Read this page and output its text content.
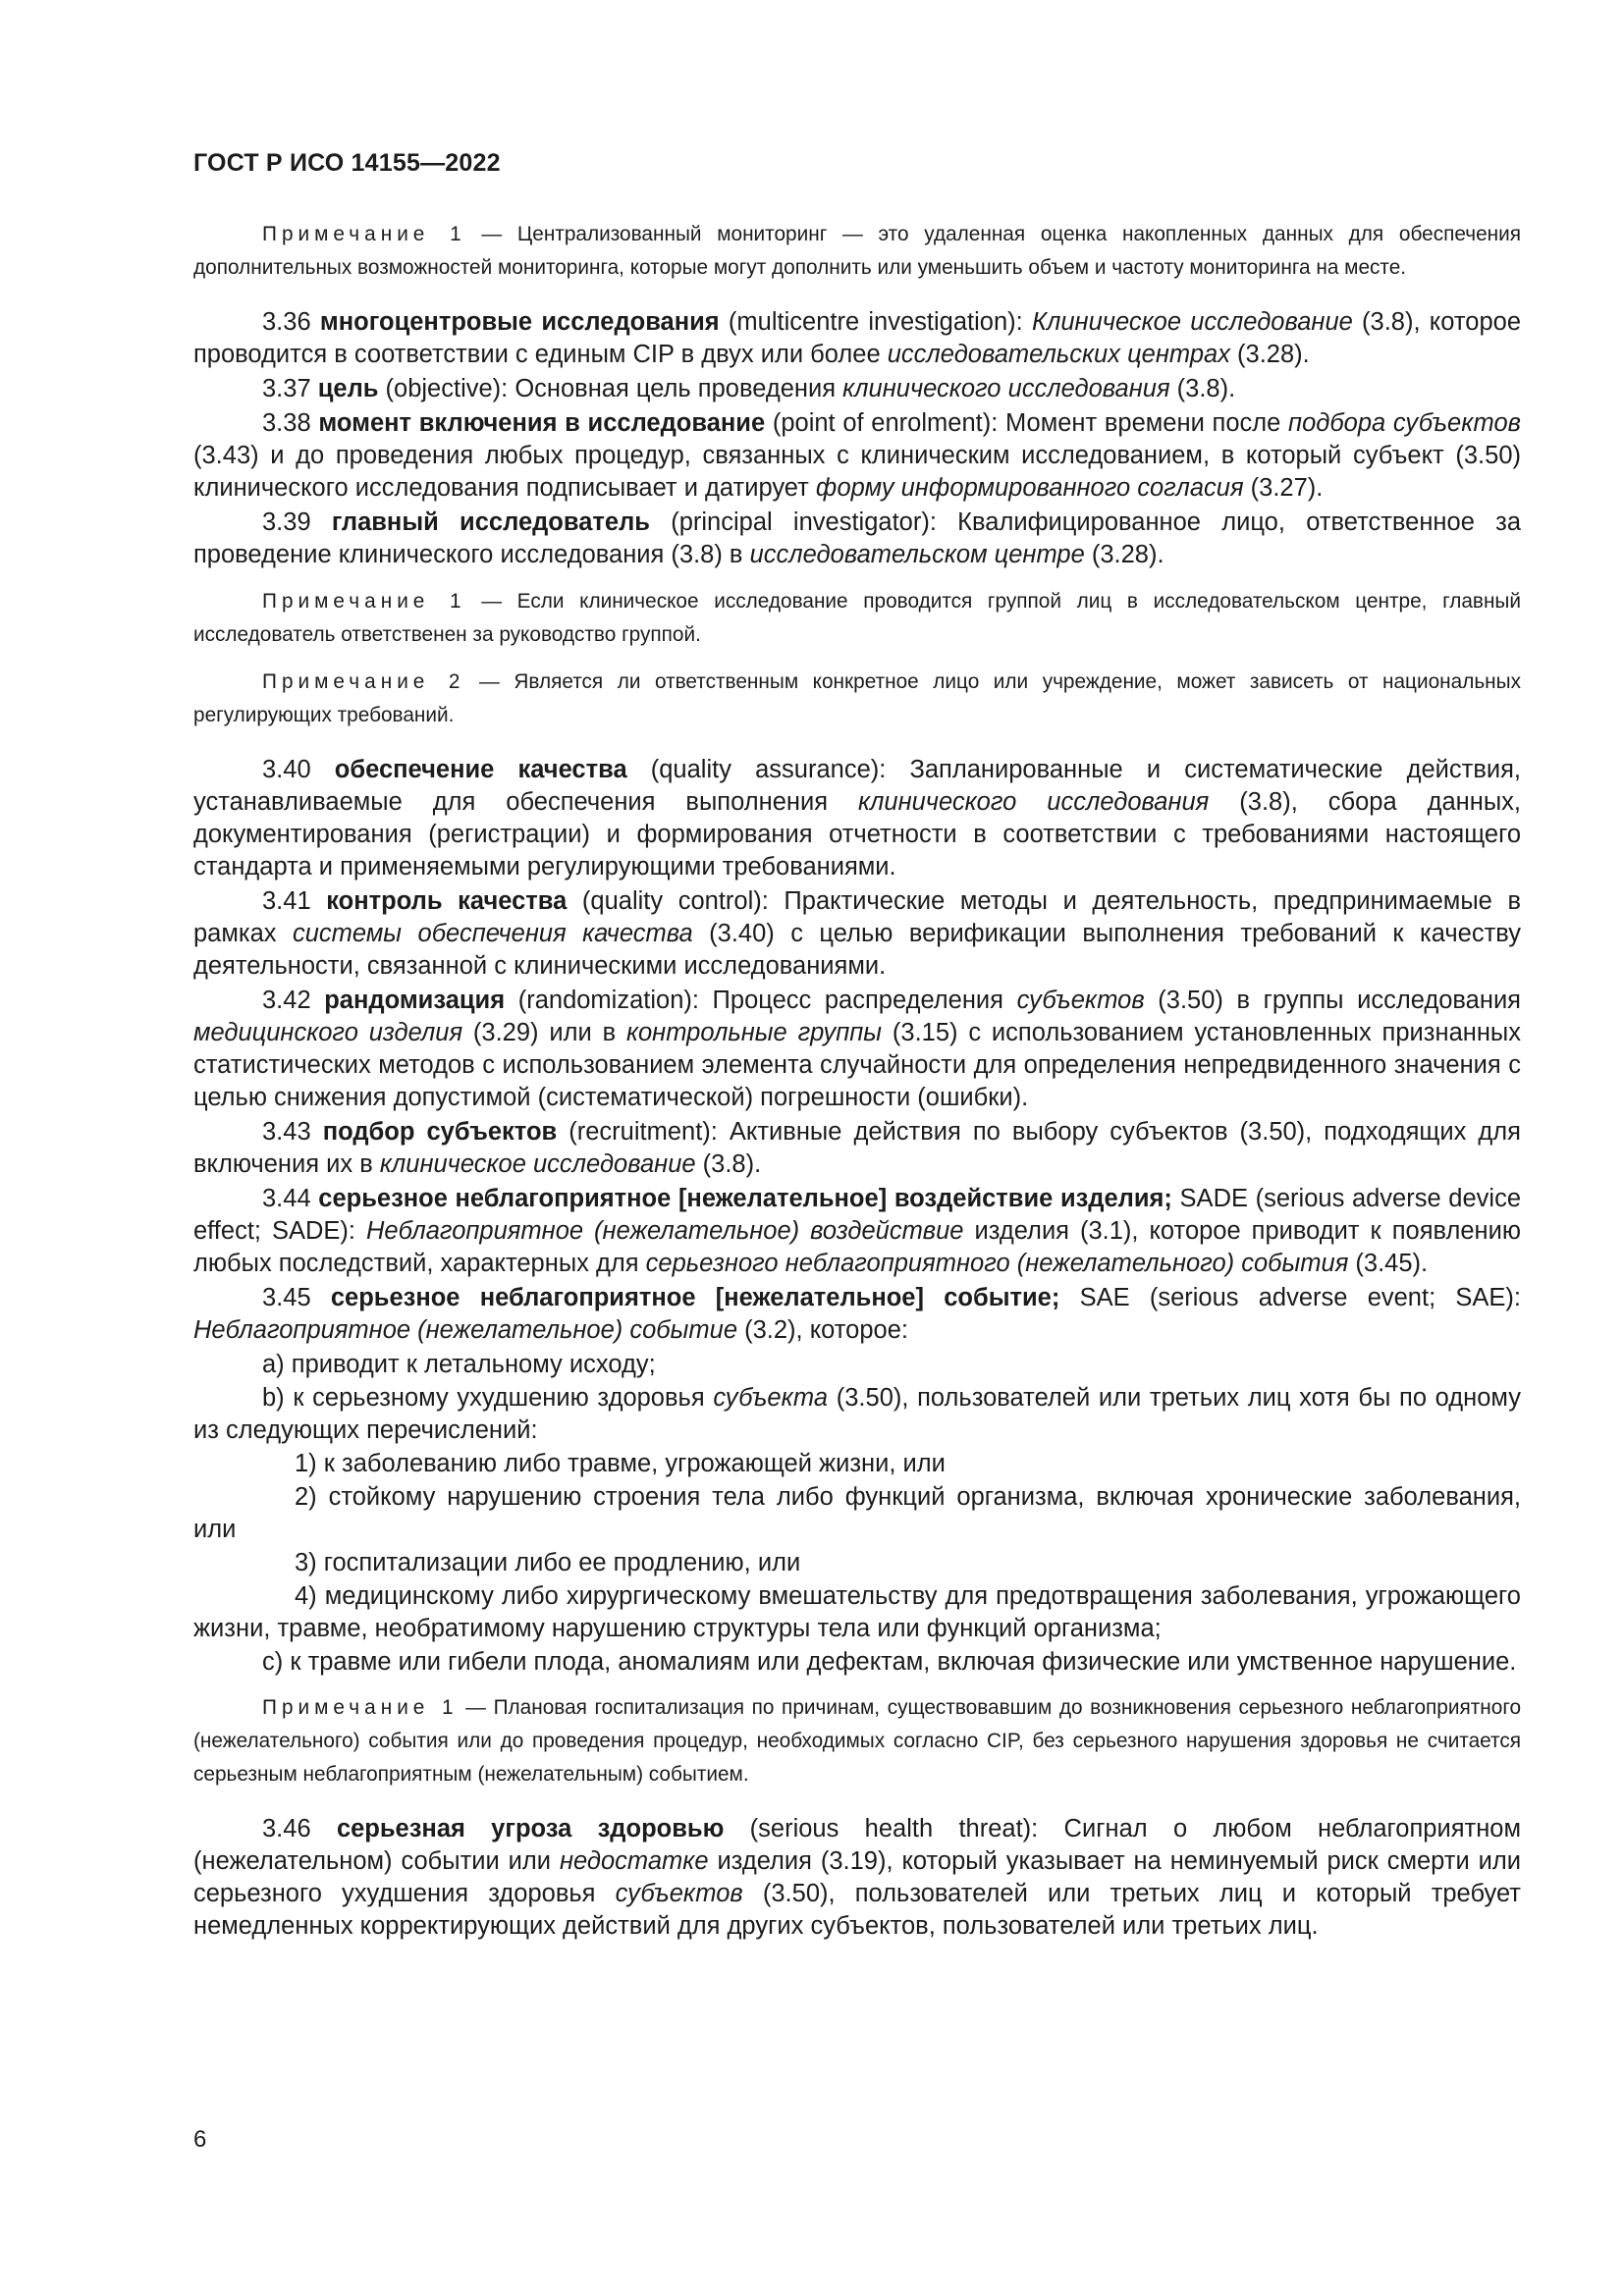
ГОСТ Р ИСО 14155—2022

Примечание 1 — Централизованный мониторинг — это удаленная оценка накопленных данных для обеспечения дополнительных возможностей мониторинга, которые могут дополнить или уменьшить объем и частоту мониторинга на месте.

3.36 многоцентровые исследования (multicentre investigation): Клиническое исследование (3.8), которое проводится в соответствии с единым CIP в двух или более исследовательских центрах (3.28).

3.37 цель (objective): Основная цель проведения клинического исследования (3.8).

3.38 момент включения в исследование (point of enrolment): Момент времени после подбора субъектов (3.43) и до проведения любых процедур, связанных с клиническим исследованием, в который субъект (3.50) клинического исследования подписывает и датирует форму информированного согласия (3.27).

3.39 главный исследователь (principal investigator): Квалифицированное лицо, ответственное за проведение клинического исследования (3.8) в исследовательском центре (3.28).

Примечание 1 — Если клиническое исследование проводится группой лиц в исследовательском центре, главный исследователь ответственен за руководство группой.

Примечание 2 — Является ли ответственным конкретное лицо или учреждение, может зависеть от национальных регулирующих требований.

3.40 обеспечение качества (quality assurance): Запланированные и систематические действия, устанавливаемые для обеспечения выполнения клинического исследования (3.8), сбора данных, документирования (регистрации) и формирования отчетности в соответствии с требованиями настоящего стандарта и применяемыми регулирующими требованиями.

3.41 контроль качества (quality control): Практические методы и деятельность, предпринимаемые в рамках системы обеспечения качества (3.40) с целью верификации выполнения требований к качеству деятельности, связанной с клиническими исследованиями.

3.42 рандомизация (randomization): Процесс распределения субъектов (3.50) в группы исследования медицинского изделия (3.29) или в контрольные группы (3.15) с использованием установленных признанных статистических методов с использованием элемента случайности для определения непредвиденного значения с целью снижения допустимой (систематической) погрешности (ошибки).

3.43 подбор субъектов (recruitment): Активные действия по выбору субъектов (3.50), подходящих для включения их в клиническое исследование (3.8).

3.44 серьезное неблагоприятное [нежелательное] воздействие изделия; SADE (serious adverse device effect; SADE): Неблагоприятное (нежелательное) воздействие изделия (3.1), которое приводит к появлению любых последствий, характерных для серьезного неблагоприятного (нежелательного) события (3.45).

3.45 серьезное неблагоприятное [нежелательное] событие; SAE (serious adverse event; SAE): Неблагоприятное (нежелательное) событие (3.2), которое:

а) приводит к летальному исходу;

b) к серьезному ухудшению здоровья субъекта (3.50), пользователей или третьих лиц хотя бы по одному из следующих перечислений:

1) к заболеванию либо травме, угрожающей жизни, или

2) стойкому нарушению строения тела либо функций организма, включая хронические заболевания, или

3) госпитализации либо ее продлению, или

4) медицинскому либо хирургическому вмешательству для предотвращения заболевания, угрожающего жизни, травме, необратимому нарушению структуры тела или функций организма;

с) к травме или гибели плода, аномалиям или дефектам, включая физические или умственное нарушение.

Примечание 1 — Плановая госпитализация по причинам, существовавшим до возникновения серьезного неблагоприятного (нежелательного) события или до проведения процедур, необходимых согласно CIP, без серьезного нарушения здоровья не считается серьезным неблагоприятным (нежелательным) событием.

3.46 серьезная угроза здоровью (serious health threat): Сигнал о любом неблагоприятном (нежелательном) событии или недостатке изделия (3.19), который указывает на неминуемый риск смерти или серьезного ухудшения здоровья субъектов (3.50), пользователей или третьих лиц и который требует немедленных корректирующих действий для других субъектов, пользователей или третьих лиц.

6
